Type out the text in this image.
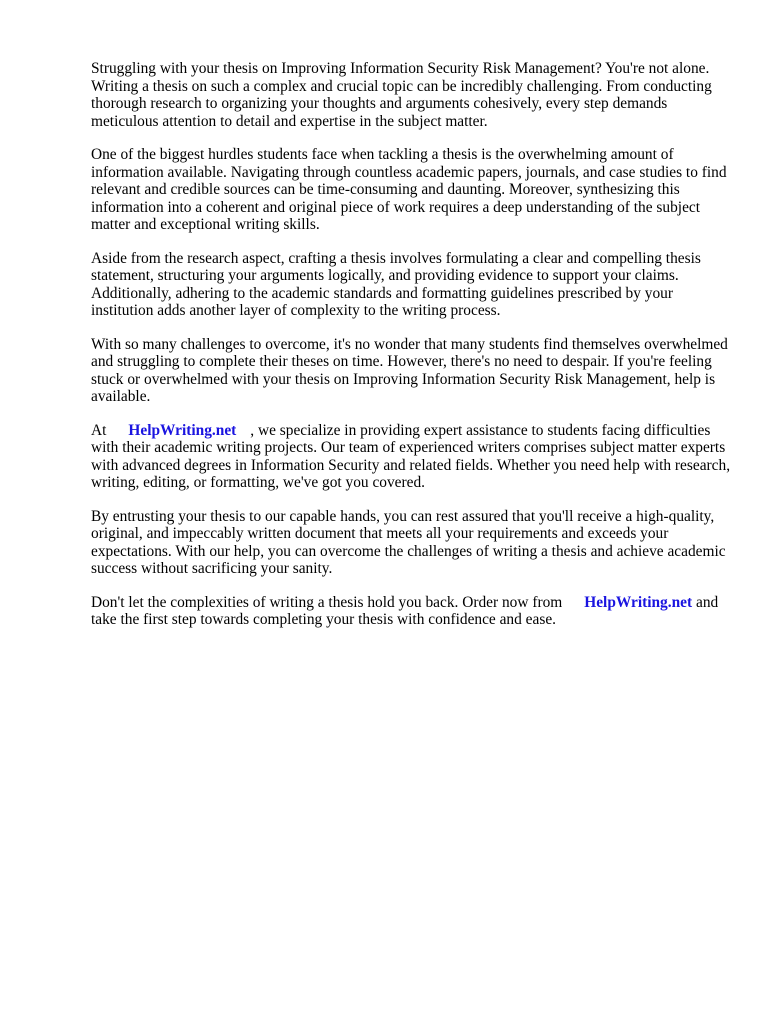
Struggling with your thesis on Improving Information Security Risk Management? You're not alone. Writing a thesis on such a complex and crucial topic can be incredibly challenging. From conducting thorough research to organizing your thoughts and arguments cohesively, every step demands meticulous attention to detail and expertise in the subject matter.

One of the biggest hurdles students face when tackling a thesis is the overwhelming amount of information available. Navigating through countless academic papers, journals, and case studies to find relevant and credible sources can be time-consuming and daunting. Moreover, synthesizing this information into a coherent and original piece of work requires a deep understanding of the subject matter and exceptional writing skills.

Aside from the research aspect, crafting a thesis involves formulating a clear and compelling thesis statement, structuring your arguments logically, and providing evidence to support your claims. Additionally, adhering to the academic standards and formatting guidelines prescribed by your institution adds another layer of complexity to the writing process.

With so many challenges to overcome, it's no wonder that many students find themselves overwhelmed and struggling to complete their theses on time. However, there's no need to despair. If you're feeling stuck or overwhelmed with your thesis on Improving Information Security Risk Management, help is available.

At HelpWriting.net , we specialize in providing expert assistance to students facing difficulties with their academic writing projects. Our team of experienced writers comprises subject matter experts with advanced degrees in Information Security and related fields. Whether you need help with research, writing, editing, or formatting, we've got you covered.

By entrusting your thesis to our capable hands, you can rest assured that you'll receive a high-quality, original, and impeccably written document that meets all your requirements and exceeds your expectations. With our help, you can overcome the challenges of writing a thesis and achieve academic success without sacrificing your sanity.

Don't let the complexities of writing a thesis hold you back. Order now from HelpWriting.net and take the first step towards completing your thesis with confidence and ease.
